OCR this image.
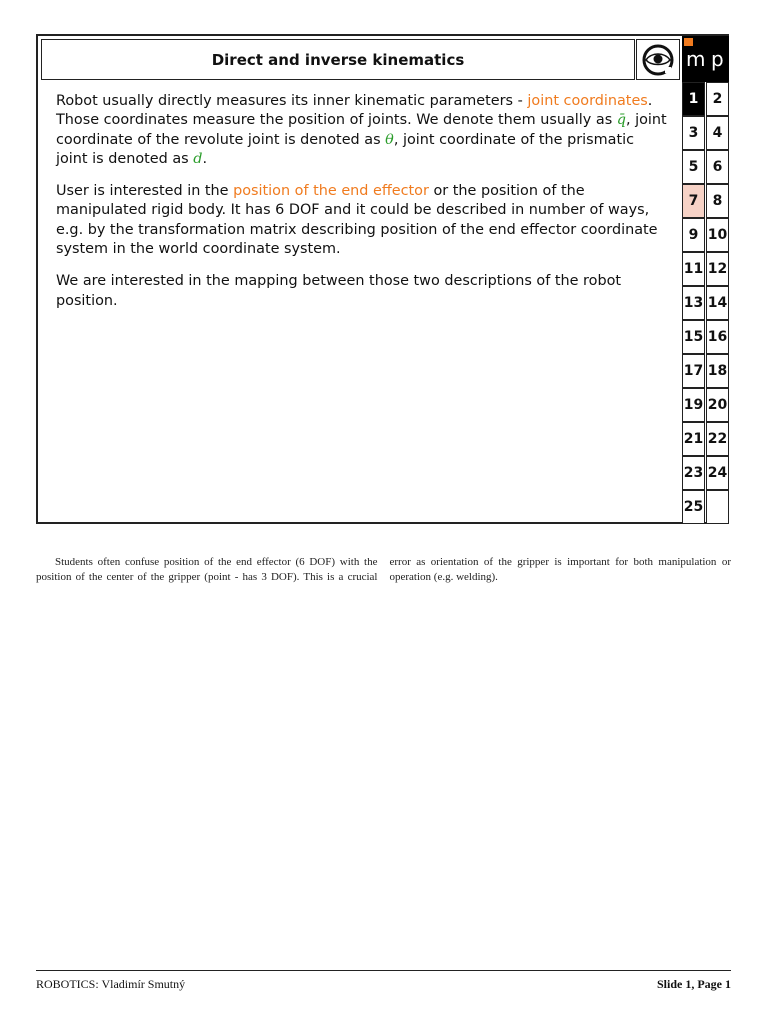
Direct and inverse kinematics	m p

Robot usually directly measures its inner kinematic parameters - joint coordinates. Those coordinates measure the position of joints. We denote them usually as q̄, joint coordinate of the revolute joint is denoted as θ, joint coordinate of the prismatic joint is denoted as d.

User is interested in the position of the end effector or the position of the manipulated rigid body. It has 6 DOF and it could be described in number of ways, e.g. by the transformation matrix describing position of the end effector coordinate system in the world coordinate system.

We are interested in the mapping between those two descriptions of the robot position.

1	2
3	4
5	6
7	8
9 10
11 12
13 14
15 16
17 18
19 20
21 22
23 24
25

Students often confuse position of the end effector (6 DOF) with the position of the center of the gripper (point - has 3 DOF). This is a crucial error as orientation of the gripper is important for both manipulation or operation (e.g. welding).

ROBOTICS: Vladimír Smutný	Slide 1, Page 1
